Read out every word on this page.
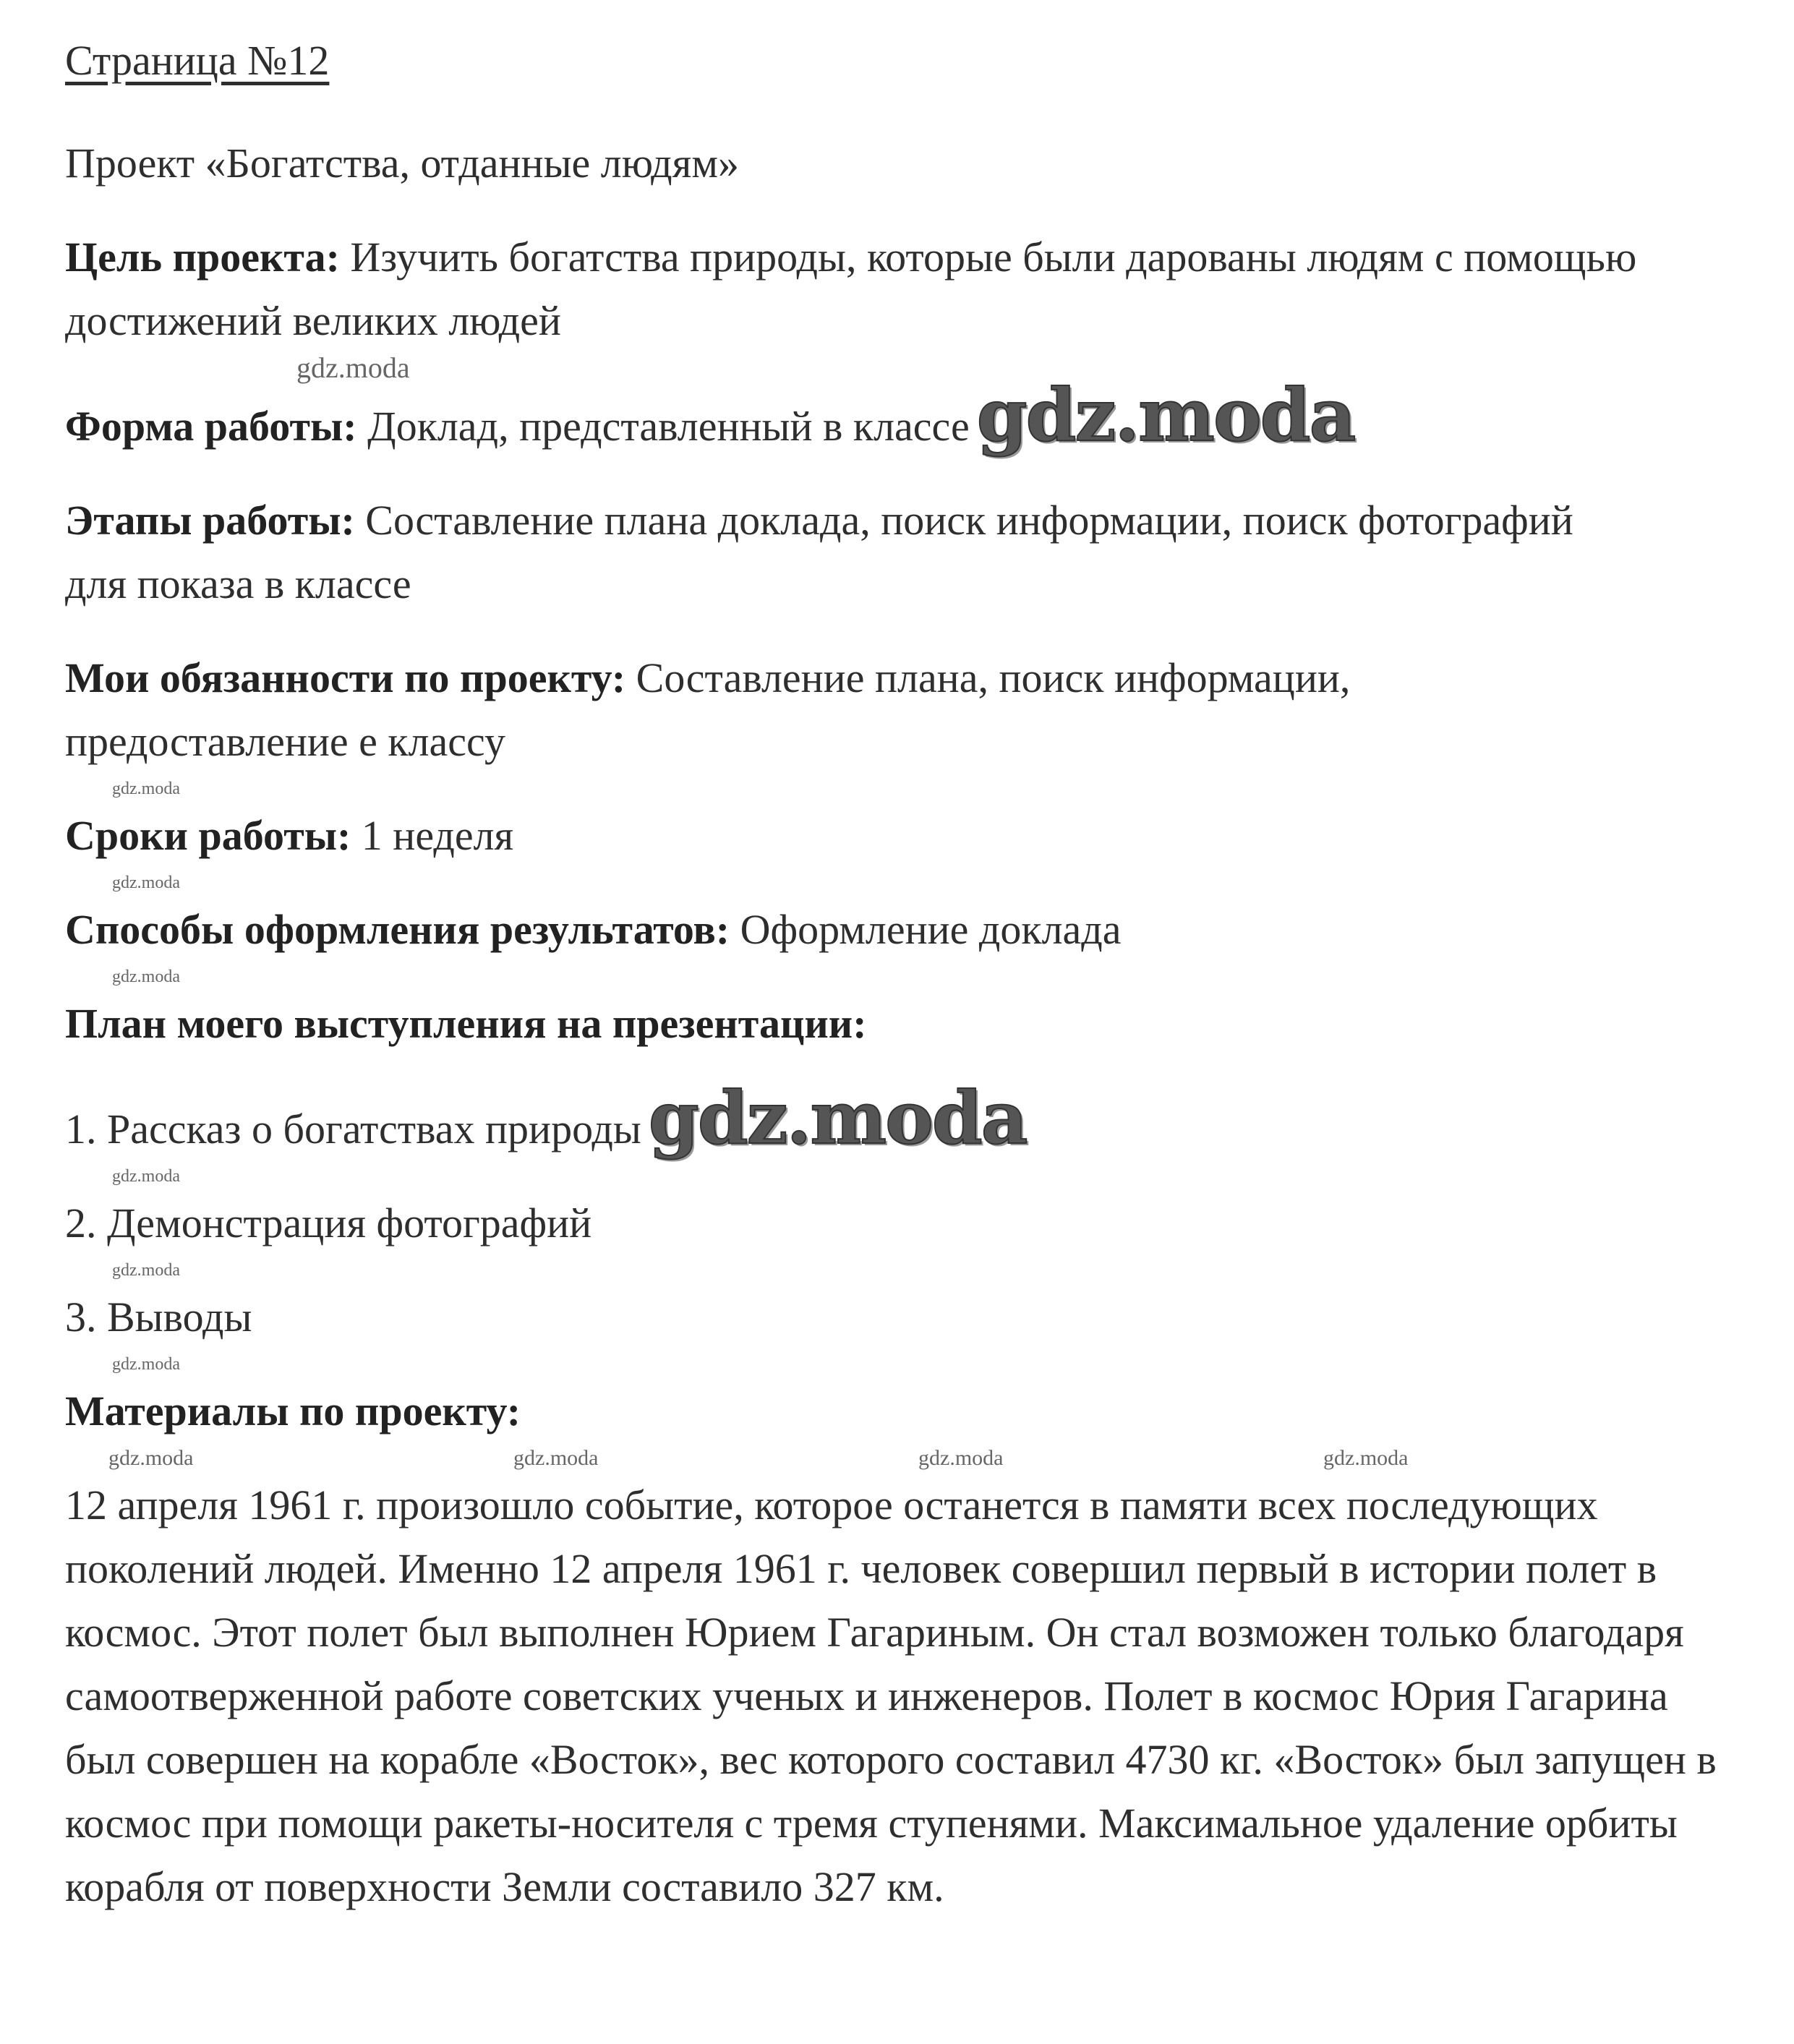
Страница №12
Проект «Богатства, отданные людям»
Цель проекта: Изучить богатства природы, которые были дарованы людям с помощью достижений великих людей
gdz.moda
Форма работы: Доклад, представленный в классе gdz.moda
Этапы работы: Составление плана доклада, поиск информации, поиск фотографий для показа в классе
Мои обязанности по проекту: Составление плана, поиск информации, предоставление е классу
gdz.moda
Сроки работы: 1 неделя
gdz.moda
Способы оформления результатов: Оформление доклада
gdz.moda
План моего выступления на презентации:
1. Рассказ о богатствах природы gdz.moda
gdz.moda
2. Демонстрация фотографий
gdz.moda
3. Выводы
gdz.moda
Материалы по проекту:
gdz.moda	gdz.moda	gdz.moda	gdz.moda
12 апреля 1961 г. произошло событие, которое останется в памяти всех последующих поколений людей. Именно 12 апреля 1961 г. человек совершил первый в истории полет в космос. Этот полет был выполнен Юрием Гагариным. Он стал возможен только благодаря самоотверженной работе советских ученых и инженеров. Полет в космос Юрия Гагарина был совершен на корабле «Восток», вес которого составил 4730 кг. «Восток» был запущен в космос при помощи ракеты-носителя с тремя ступенями. Максимальное удаление орбиты корабля от поверхности Земли составило 327 км.
